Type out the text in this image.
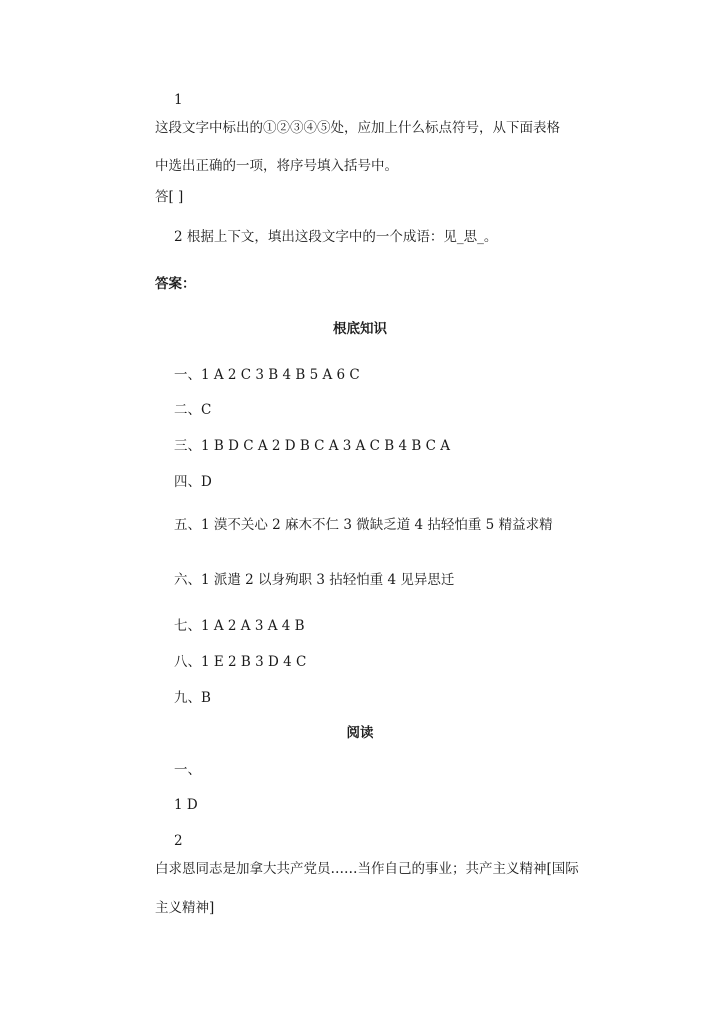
1
这段文字中标出的①②③④⑤处，应加上什么标点符号，从下面表格
中选出正确的一项，将序号填入括号中。
答[ ]
2 根据上下文，填出这段文字中的一个成语：见_思_。
答案：
根底知识
一、1 A 2 C 3 B 4 B 5 A 6 C
二、C
三、1 B D C A 2 D B C A 3 A C B 4 B C A
四、D
五、1 漠不关心 2 麻木不仁 3 微缺乏道 4 拈轻怕重 5 精益求精
六、1 派遣 2 以身殉职 3 拈轻怕重 4 见异思迁
七、1 A 2 A 3 A 4 B
八、1 E 2 B 3 D 4 C
九、B
阅读
一、
1 D
2
白求恩同志是加拿大共产党员……当作自己的事业；共产主义精神[国际
主义精神]
